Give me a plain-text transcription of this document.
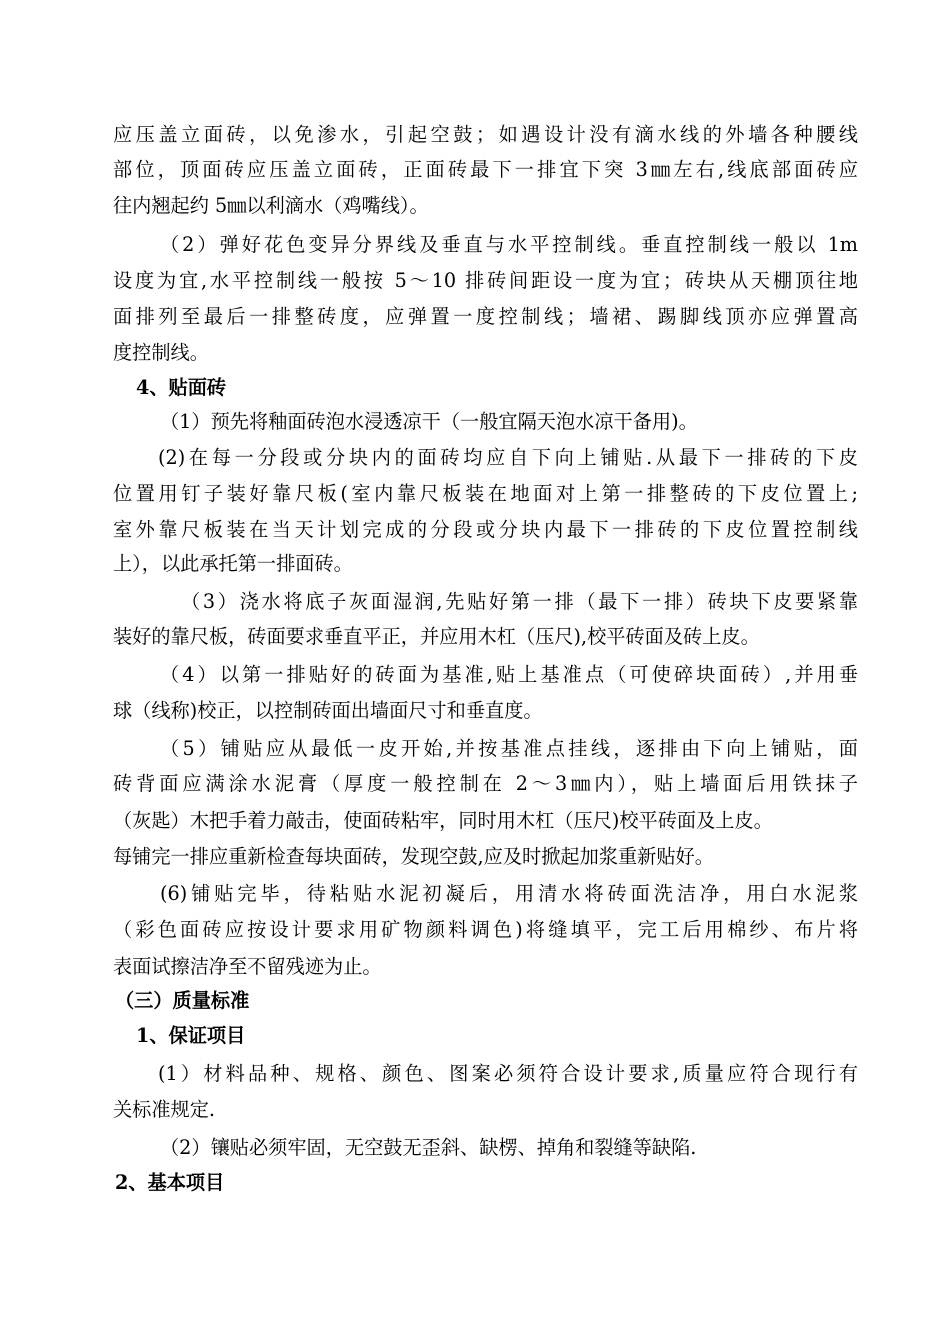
应压盖立面砖，以免渗水，引起空鼓；如遇设计没有滴水线的外墙各种腰线
部位，顶面砖应压盖立面砖，正面砖最下一排宜下突 3㎜左右,线底部面砖应
往内翘起约 5㎜以利滴水（鸡嘴线）。
（2）弹好花色变异分界线及垂直与水平控制线。垂直控制线一般以 1m
设度为宜,水平控制线一般按 5～10 排砖间距设一度为宜；砖块从天棚顶往地
面排列至最后一排整砖度，应弹置一度控制线；墙裙、踢脚线顶亦应弹置高
度控制线。
4、贴面砖
（1）预先将釉面砖泡水浸透凉干（一般宜隔天泡水凉干备用)。
(2)在每一分段或分块内的面砖均应自下向上铺贴.从最下一排砖的下皮
位置用钉子装好靠尺板(室内靠尺板装在地面对上第一排整砖的下皮位置上;
室外靠尺板装在当天计划完成的分段或分块内最下一排砖的下皮位置控制线
上），以此承托第一排面砖。
（3）浇水将底子灰面湿润,先贴好第一排（最下一排）砖块下皮要紧靠
装好的靠尺板，砖面要求垂直平正，并应用木杠（压尺),校平砖面及砖上皮。
（4）以第一排贴好的砖面为基准,贴上基准点（可使碎块面砖）,并用垂
球（线称)校正，以控制砖面出墙面尺寸和垂直度。
（5）铺贴应从最低一皮开始,并按基准点挂线，逐排由下向上铺贴，面
砖背面应满涂水泥膏（厚度一般控制在 2～3㎜内），贴上墙面后用铁抹子
（灰匙）木把手着力敲击，使面砖粘牢，同时用木杠（压尺)校平砖面及上皮。
每铺完一排应重新检查每块面砖，发现空鼓,应及时掀起加浆重新贴好。
(6)铺贴完毕，待粘贴水泥初凝后，用清水将砖面洗洁净，用白水泥浆
（彩色面砖应按设计要求用矿物颜料调色)将缝填平，完工后用棉纱、布片将
表面试擦洁净至不留残迹为止。
（三）质量标准
1、保证项目
(1）材料品种、规格、颜色、图案必须符合设计要求,质量应符合现行有
关标准规定.
（2）镶贴必须牢固，无空鼓无歪斜、缺楞、掉角和裂缝等缺陷.
2、基本项目
